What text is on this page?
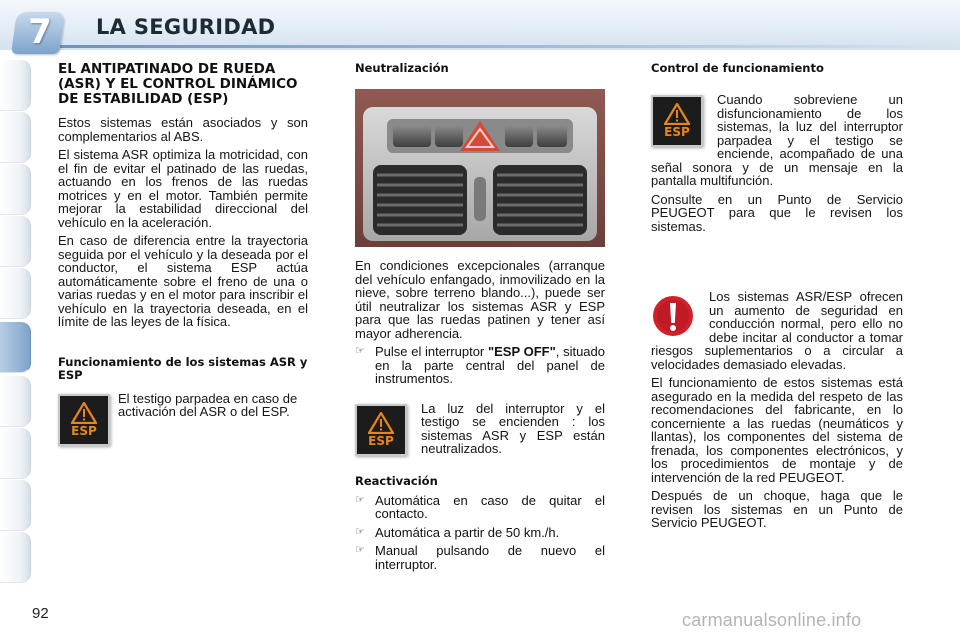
7	LA SEGURIDAD
EL ANTIPATINADO DE RUEDA (ASR) Y EL CONTROL DINÁMICO DE ESTABILIDAD (ESP)

Estos sistemas están asociados y son complementarios al ABS.

El sistema ASR optimiza la motricidad, con el fin de evitar el patinado de las ruedas, actuando en los frenos de las ruedas motrices y en el motor. También permite mejorar la estabilidad direccional del vehículo en la aceleración.

En caso de diferencia entre la trayectoria seguida por el vehículo y la deseada por el conductor, el sistema ESP actúa automáticamente sobre el freno de una o varias ruedas y en el motor para inscribir el vehículo en la trayectoria deseada, en el límite de las leyes de la física.

Funcionamiento de los sistemas ASR y ESP
ESP

El testigo parpadea en caso de activación del ASR o del ESP.

Neutralización

En condiciones excepcionales (arranque del vehículo enfangado, inmovilizado en la nieve, sobre terreno blando...), puede ser útil neutralizar los sistemas ASR y ESP para que las ruedas patinen y tener así mayor adherencia.

☞ Pulse el interruptor "ESP OFF", situado en la parte central del panel de instrumentos.
ESP

La luz del interruptor y el testigo se encienden : los sistemas ASR y ESP están neutralizados.

Reactivación
☞ Automática en caso de quitar el contacto.
☞ Automática a partir de 50 km./h.
☞ Manual pulsando de nuevo el interruptor.
Control de funcionamiento
ESP

Cuando sobreviene un disfuncionamiento de los sistemas, la luz del interruptor parpadea y el testigo se enciende, acompañado de una señal sonora y de un mensaje en la pantalla multifunción.

Consulte en un Punto de Servicio PEUGEOT para que le revisen los sistemas.

Los sistemas ASR/ESP ofrecen un aumento de seguridad en conducción normal, pero ello no debe incitar al conductor a tomar riesgos suplementarios o a circular a velocidades demasiado elevadas.

El funcionamiento de estos sistemas está asegurado en la medida del respeto de las recomendaciones del fabricante, en lo concerniente a las ruedas (neumáticos y llantas), los componentes del sistema de frenada, los componentes electrónicos, y los procedimientos de montaje y de intervención de la red PEUGEOT.

Después de un choque, haga que le revisen los sistemas en un Punto de Servicio PEUGEOT.

92	carmanualsonline.info
